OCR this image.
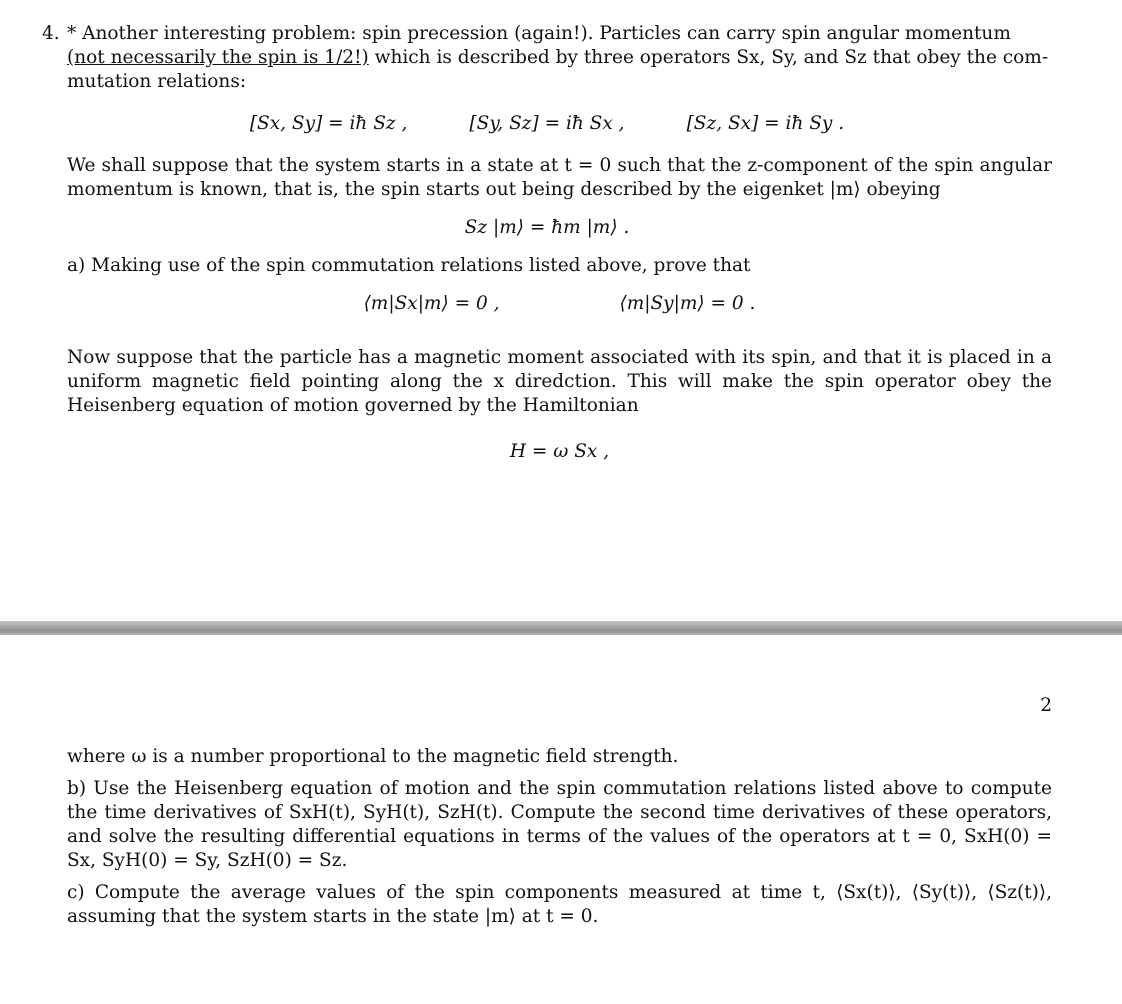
4. * Another interesting problem: spin precession (again!). Particles can carry spin angular momentum
(not necessarily the spin is 1/2!) which is described by three operators Sx, Sy, and Sz that obey the com-
mutation relations:

[Sx, Sy] = iħ Sz ,	[Sy, Sz] = iħ Sx ,	[Sz, Sx] = iħ Sy .

We shall suppose that the system starts in a state at t = 0 such that the z-component of the spin angular momentum is known, that is, the spin starts out being described by the eigenket |m⟩ obeying

Sz |m⟩ = ħm |m⟩ .

a) Making use of the spin commutation relations listed above, prove that

⟨m|Sx|m⟩ = 0 ,	⟨m|Sy|m⟩ = 0 .

Now suppose that the particle has a magnetic moment associated with its spin, and that it is placed in a uniform magnetic field pointing along the x diredction. This will make the spin operator obey the Heisenberg equation of motion governed by the Hamiltonian

H = ω Sx ,

2

where ω is a number proportional to the magnetic field strength.

b) Use the Heisenberg equation of motion and the spin commutation relations listed above to compute the time derivatives of SxH(t), SyH(t), SzH(t). Compute the second time derivatives of these operators, and solve the resulting differential equations in terms of the values of the operators at t = 0, SxH(0) = Sx, SyH(0) = Sy, SzH(0) = Sz.

c) Compute the average values of the spin components measured at time t, ⟨Sx(t)⟩, ⟨Sy(t)⟩, ⟨Sz(t)⟩, assuming that the system starts in the state |m⟩ at t = 0.
